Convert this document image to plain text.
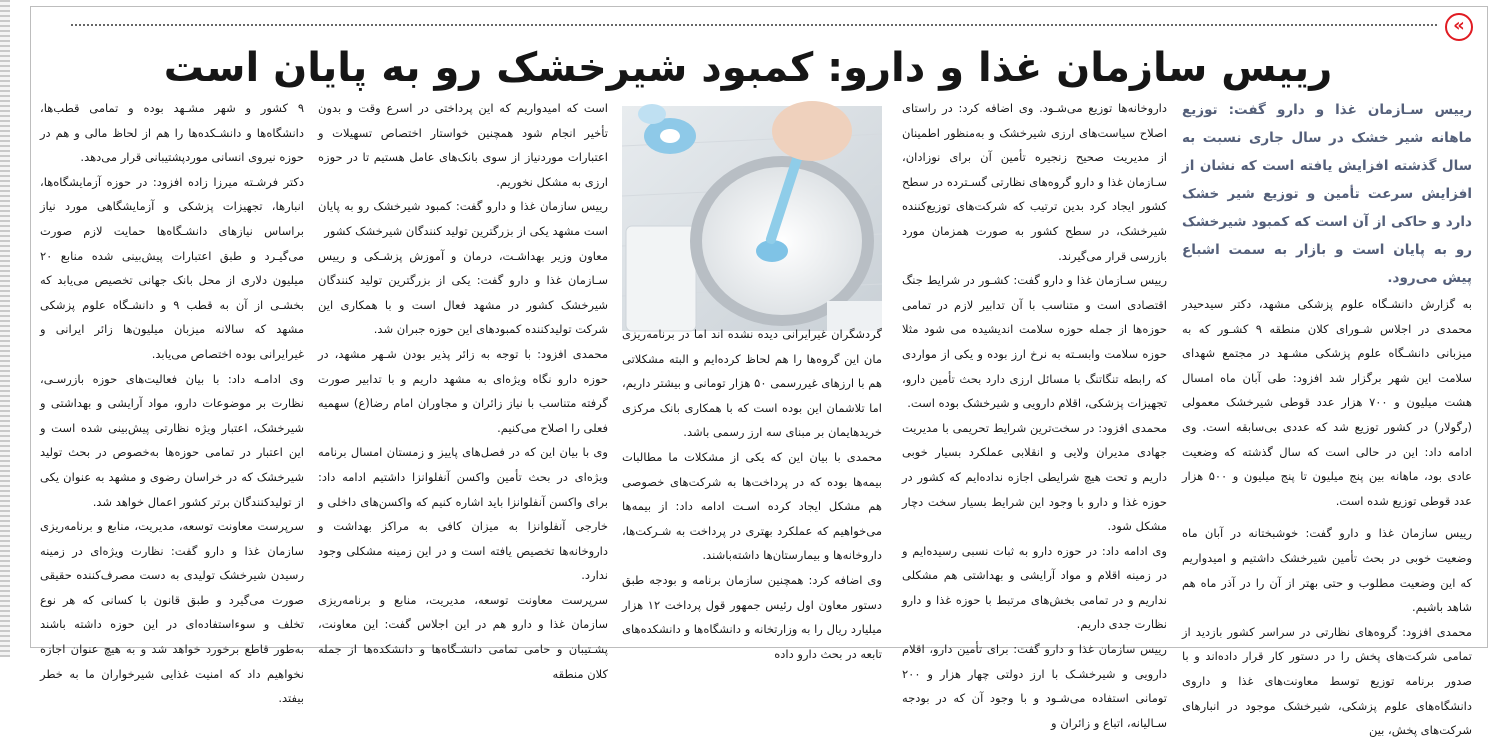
«
رییس سازمان غذا و دارو: کمبود شیرخشک رو به پایان است

رییس سـازمان غذا و دارو گفت: توزیع ماهانه شیر خشک در سال جاری نسبت به سال گذشته افزایش یافته است که نشان از افزایش سرعت تأمین و توزیع شیر خشک دارد و حاکی از آن است که کمبود شیرخشک رو به پایان است و بازار به سمت اشباع پیش می‌رود.

به گزارش دانشـگاه علوم پزشکی مشهد، دکتر سیدحیدر محمدی در اجلاس شـورای کلان منطقه ۹ کشـور که به میزبانی دانشـگاه علوم پزشکی مشـهد در مجتمع شهدای سلامت این شهر برگزار شد افزود: طی آبان ماه امسال هشت میلیون و ۷۰۰ هزار عدد قوطی شیرخشک معمولی (رگولار) در کشور توزیع شد که عددی بی‌سابقه است. وی ادامه داد: این در حالی است که سال گذشته که وضعیت عادی بود، ماهانه بین پنج میلیون تا پنج میلیون و ۵۰۰ هزار عدد قوطی توزیع شده است.

رییس سازمان غذا و دارو گفت: خوشبختانه در آبان ماه وضعیت خوبی در بحث تأمین شیرخشک داشتیم و امیدواریم که این وضعیت مطلوب و حتی بهتر از آن را در آذر ماه هم شاهد باشیم.

محمدی افزود: گروه‌های نظارتی در سراسر کشور بازدید از تمامی شرکت‌های پخش را در دستور کار قرار داده‌اند و با صدور برنامه توزیع توسط معاونت‌های غذا و داروی دانشگاه‌های علوم پزشکی، شیرخشک موجود در انبارهای شرکت‌های پخش، بین

داروخانه‌ها توزیع می‌شـود. وی اضافه کرد: در راستای اصلاح سیاست‌های ارزی شیرخشک و به‌منظور اطمینان از مدیریت صحیح زنجیره تأمین آن برای نوزادان، سـازمان غذا و دارو گروه‌های نظارتی گسـترده در سطح کشور ایجاد کرد بدین ترتیب که شرکت‌های توزیع‌کننده شیرخشک، در سطح کشور به صورت همزمان مورد بازرسی قرار می‌گیرند.

رییس سـازمان غذا و دارو گفت: کشـور در شرایط جنگ اقتصادی است و متناسب با آن تدابیر لازم در تمامی حوزه‌ها از جمله حوزه سلامت اندیشیده می‌ شود مثلا حوزه سلامت وابسـته به نرخ ارز بوده و یکی از مواردی که رابطه تنگاتنگ با مسائل ارزی دارد بحث تأمین دارو، تجهیزات پزشکی، اقلام دارویی و شیرخشک بوده است.

محمدی افزود: در سخت‌ترین شرایط تحریمی با مدیریت جهادی مدیران ولایی و انقلابی عملکرد بسیار خوبی داریم و تحت هیچ شرایطی اجازه نداده‌ایم که کشور در حوزه غذا و دارو با وجود این شرایط بسیار سخت دچار مشکل شود.

وی ادامه داد: در حوزه دارو به ثبات نسبی رسیده‌ایم و در زمینه اقلام و مواد آرایشی و بهداشتی هم مشکلی نداریم و در تمامی بخش‌های مرتبط با حوزه غذا و دارو نظارت جدی داریم.

رییس سازمان غذا و دارو گفت: برای تأمین دارو، اقلام دارویی و شیرخشـک با ارز دولتی چهار هزار و ۲۰۰ تومانی استفاده می‌شـود و با وجود آن که در بودجه سـالیانه، اتباع و زائران و

گردشگران غیرایرانی دیده نشده اند اما در برنامه‌ریزی مان این گروه‌ها را هم لحاظ کرده‌ایم و البته مشکلاتی هم با ارزهای غیررسمی ۵۰ هزار تومانی و بیشتر داریم، اما تلاشمان این بوده است که با همکاری بانک مرکزی خریدهایمان بر مبنای سه ارز رسمی باشد.

محمدی با بیان این که یکی از مشکلات ما مطالبات بیمه‌ها بوده که در پرداخت‌ها به شرکت‌های خصوصی هم مشکل ایجاد کرده اسـت ادامه داد: از بیمه‌ها می‌خواهیم که عملکرد بهتری در پرداخت به شـرکت‌ها، داروخانه‌ها و بیمارستان‌ها داشته‌باشند.

وی اضافه کرد: همچنین سازمان برنامه و بودجه طبق دستور معاون اول رئیس جمهور قول پرداخت ۱۲ هزار میلیارد ریال را به وزارتخانه و دانشگاه‌ها و دانشکده‌های تابعه در بحث دارو داده

است که امیدواریم که این پرداختی در اسرع وقت و بدون تأخیر انجام شود همچنین خواستار اختصاص تسهیلات و اعتبارات موردنیاز از سوی بانک‌های عامل هستیم تا در حوزه ارزی به مشکل نخوریم.

رییس سازمان غذا و دارو گفت: کمبود شیرخشک رو به پایان است مشهد یکی از بزرگترین تولید کنندگان شیرخشک کشور

معاون وزیر بهداشـت، درمان و آموزش پزشـکی و رییس سـازمان غذا و دارو گفت: یکی از بزرگترین تولید کنندگان شیرخشک کشور در مشهد فعال است و با همکاری این شرکت تولیدکننده کمبودهای این حوزه جبران شد.

محمدی افزود: با توجه به زائر پذیر بودن شـهر مشهد، در حوزه دارو نگاه ویژه‌ای به مشهد داریم و با تدابیر صورت گرفته متناسب با نیاز زائران و مجاوران امام رضا(ع) سهمیه فعلی را اصلاح می‌کنیم.

وی با بیان این که در فصل‌های پاییز و زمستان امسال برنامه ویژه‌ای در بحث تأمین واکسن آنفلوانزا داشتیم ادامه داد: برای واکسن آنفلوانزا باید اشاره کنیم که واکسن‌های داخلی و خارجی آنفلوانزا به میزان کافی به مراکز بهداشت و داروخانه‌ها تخصیص یافته است و در این زمینه مشکلی وجود ندارد.

سرپرست معاونت توسعه، مدیریت، منابع و برنامه‌ریزی سازمان غذا و دارو هم در این اجلاس گفت: این معاونت، پشـتیبان و حامی تمامی دانشـگاه‌ها و دانشکده‌ها از جمله کلان منطقه

۹ کشور و شهر مشـهد بوده و تمامی قطب‌ها، دانشگاه‌ها و دانشـکده‌ها را هم از لحاظ مالی و هم در حوزه نیروی انسانی موردپشتیبانی قرار می‌دهد.

دکتر فرشـته میرزا زاده افزود: در حوزه آزمایشگاه‌ها، انبارها، تجهیزات پزشکی و آزمایشگاهی مورد نیاز براساس نیازهای دانشـگاه‌ها حمایت لازم صورت می‌گیـرد و طبق اعتبارات پیش‌بینی شده منابع ۲۰ میلیون دلاری از محل بانک جهانی تخصیص می‌یابد که بخشـی از آن به قطب ۹ و دانشـگاه علوم پزشکی مشهد که سالانه میزبان میلیون‌ها زائر ایرانی و غیرایرانی بوده اختصاص می‌یابد.

وی ادامـه داد: با بیان فعالیت‌های حوزه بازرسـی، نظارت بر موضوعات دارو، مواد آرایشی و بهداشتی و شیرخشک، اعتبار ویژه نظارتی پیش‌بینی شده است و این اعتبار در تمامی حوزه‌ها به‌خصوص در بحث تولید شیرخشک که در خراسان رضوی و مشهد به عنوان یکی از تولیدکنندگان برتر کشور اعمال خواهد شد.

سرپرست معاونت توسعه، مدیریت، منابع و برنامه‌ریزی سازمان غذا و دارو گفت: نظارت ویژه‌ای در زمینه رسیدن شیرخشک تولیدی به دست مصرف‌کننده حقیقی صورت می‌گیرد و طبق قانون با کسانی که هر نوع تخلف و سوءاستفاده‌ای در این حوزه داشته باشند به‌طور قاطع برخورد خواهد شد و به هیچ عنوان اجازه نخواهیم داد که امنیت غذایی شیرخواران ما به خطر بیفتد.
